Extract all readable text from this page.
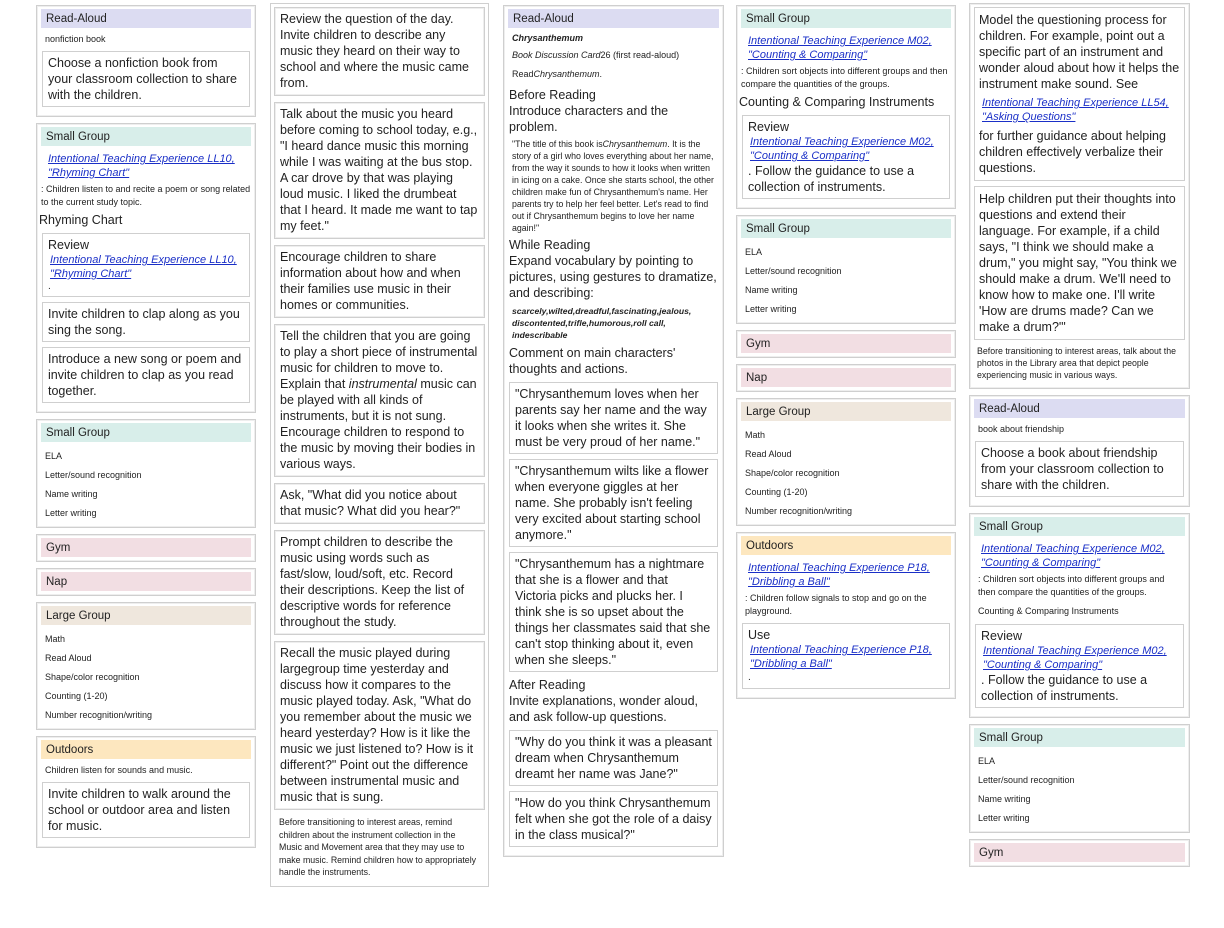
Read-Aloud
nonfiction book
Choose a nonfiction book from your classroom collection to share with the children.
Small Group
Intentional Teaching Experience LL10,
"Rhyming Chart"
: Children listen to and recite a poem or song related to the current study topic.
Rhyming Chart
Review
Intentional Teaching Experience LL10,
"Rhyming Chart"
.
Invite children to clap along as you sing the song.
Introduce a new song or poem and invite children to clap as you read together.
Small Group
ELA
Letter/sound recognition
Name writing
Letter writing
Gym
Nap
Large Group
Math
Read Aloud
Shape/color recognition
Counting (1-20)
Number recognition/writing
Outdoors
Children listen for sounds and music.
Invite children to walk around the school or outdoor area and listen for music.
Review the question of the day. Invite children to describe any music they heard on their way to school and where the music came from.
Talk about the music you heard before coming to school today, e.g., "I heard dance music this morning while I was waiting at the bus stop. A car drove by that was playing loud music. I liked the drumbeat that I heard. It made me want to tap my feet."
Encourage children to share information about how and when their families use music in their homes or communities.
Tell the children that you are going to play a short piece of instrumental music for children to move to. Explain that instrumental music can be played with all kinds of instruments, but it is not sung. Encourage children to respond to the music by moving their bodies in various ways.
Ask, "What did you notice about that music? What did you hear?"
Prompt children to describe the music using words such as fast/slow, loud/soft, etc. Record their descriptions. Keep the list of descriptive words for reference throughout the study.
Recall the music played during largegroup time yesterday and discuss how it compares to the music played today. Ask, "What do you remember about the music we heard yesterday? How is it like the music we just listened to? How is it different?" Point out the difference between instrumental music and music that is sung.
Before transitioning to interest areas, remind children about the instrument collection in the Music and Movement area that they may use to make music. Remind children how to appropriately handle the instruments.
Read-Aloud
Chrysanthemum
Book Discussion Card26 (first read-aloud)
ReadChrysanthemum.
Before Reading
Introduce characters and the problem.
"The title of this book isChrysanthemum. It is the story of a girl who loves everything about her name, from the way it sounds to how it looks when written in icing on a cake. Once she starts school, the other children make fun of Chrysanthemum's name. Her parents try to help her feel better. Let's read to find out if Chrysanthemum begins to love her name again!"
While Reading
Expand vocabulary by pointing to pictures, using gestures to dramatize, and describing:
scarcely,wilted,dreadful,fascinating,jealous, discontented,trifle,humorous,roll call, indescribable
Comment on main characters' thoughts and actions.
"Chrysanthemum loves when her parents say her name and the way it looks when she writes it. She must be very proud of her name."
"Chrysanthemum wilts like a flower when everyone giggles at her name. She probably isn't feeling very excited about starting school anymore."
"Chrysanthemum has a nightmare that she is a flower and that Victoria picks and plucks her. I think she is so upset about the things her classmates said that she can't stop thinking about it, even when she sleeps."
After Reading
Invite explanations, wonder aloud, and ask follow-up questions.
"Why do you think it was a pleasant dream when Chrysanthemum dreamt her name was Jane?"
"How do you think Chrysanthemum felt when she got the role of a daisy in the class musical?"
Small Group
Intentional Teaching Experience M02,
"Counting & Comparing"
: Children sort objects into different groups and then compare the quantities of the groups.
Counting & Comparing Instruments
Review
Intentional Teaching Experience M02,
"Counting & Comparing"
. Follow the guidance to use a collection of instruments.
Small Group
ELA
Letter/sound recognition
Name writing
Letter writing
Gym
Nap
Large Group
Math
Read Aloud
Shape/color recognition
Counting (1-20)
Number recognition/writing
Outdoors
Intentional Teaching Experience P18,
"Dribbling a Ball"
: Children follow signals to stop and go on the playground.
Use
Intentional Teaching Experience P18,
"Dribbling a Ball"
.
Model the questioning process for children. For example, point out a specific part of an instrument and wonder aloud about how it helps the instrument make sound. See
Intentional Teaching Experience LL54,
"Asking Questions"
for further guidance about helping children effectively verbalize their questions.
Help children put their thoughts into questions and extend their language. For example, if a child says, "I think we should make a drum," you might say, "You think we should make a drum. We'll need to know how to make one. I'll write 'How are drums made? Can we make a drum?'"
Before transitioning to interest areas, talk about the photos in the Library area that depict people experiencing music in various ways.
Read-Aloud
book about friendship
Choose a book about friendship from your classroom collection to share with the children.
Small Group
Intentional Teaching Experience M02,
"Counting & Comparing"
: Children sort objects into different groups and then compare the quantities of the groups.
Counting & Comparing Instruments
Review
Intentional Teaching Experience M02,
"Counting & Comparing"
. Follow the guidance to use a collection of instruments.
Small Group
ELA
Letter/sound recognition
Name writing
Letter writing
Gym
